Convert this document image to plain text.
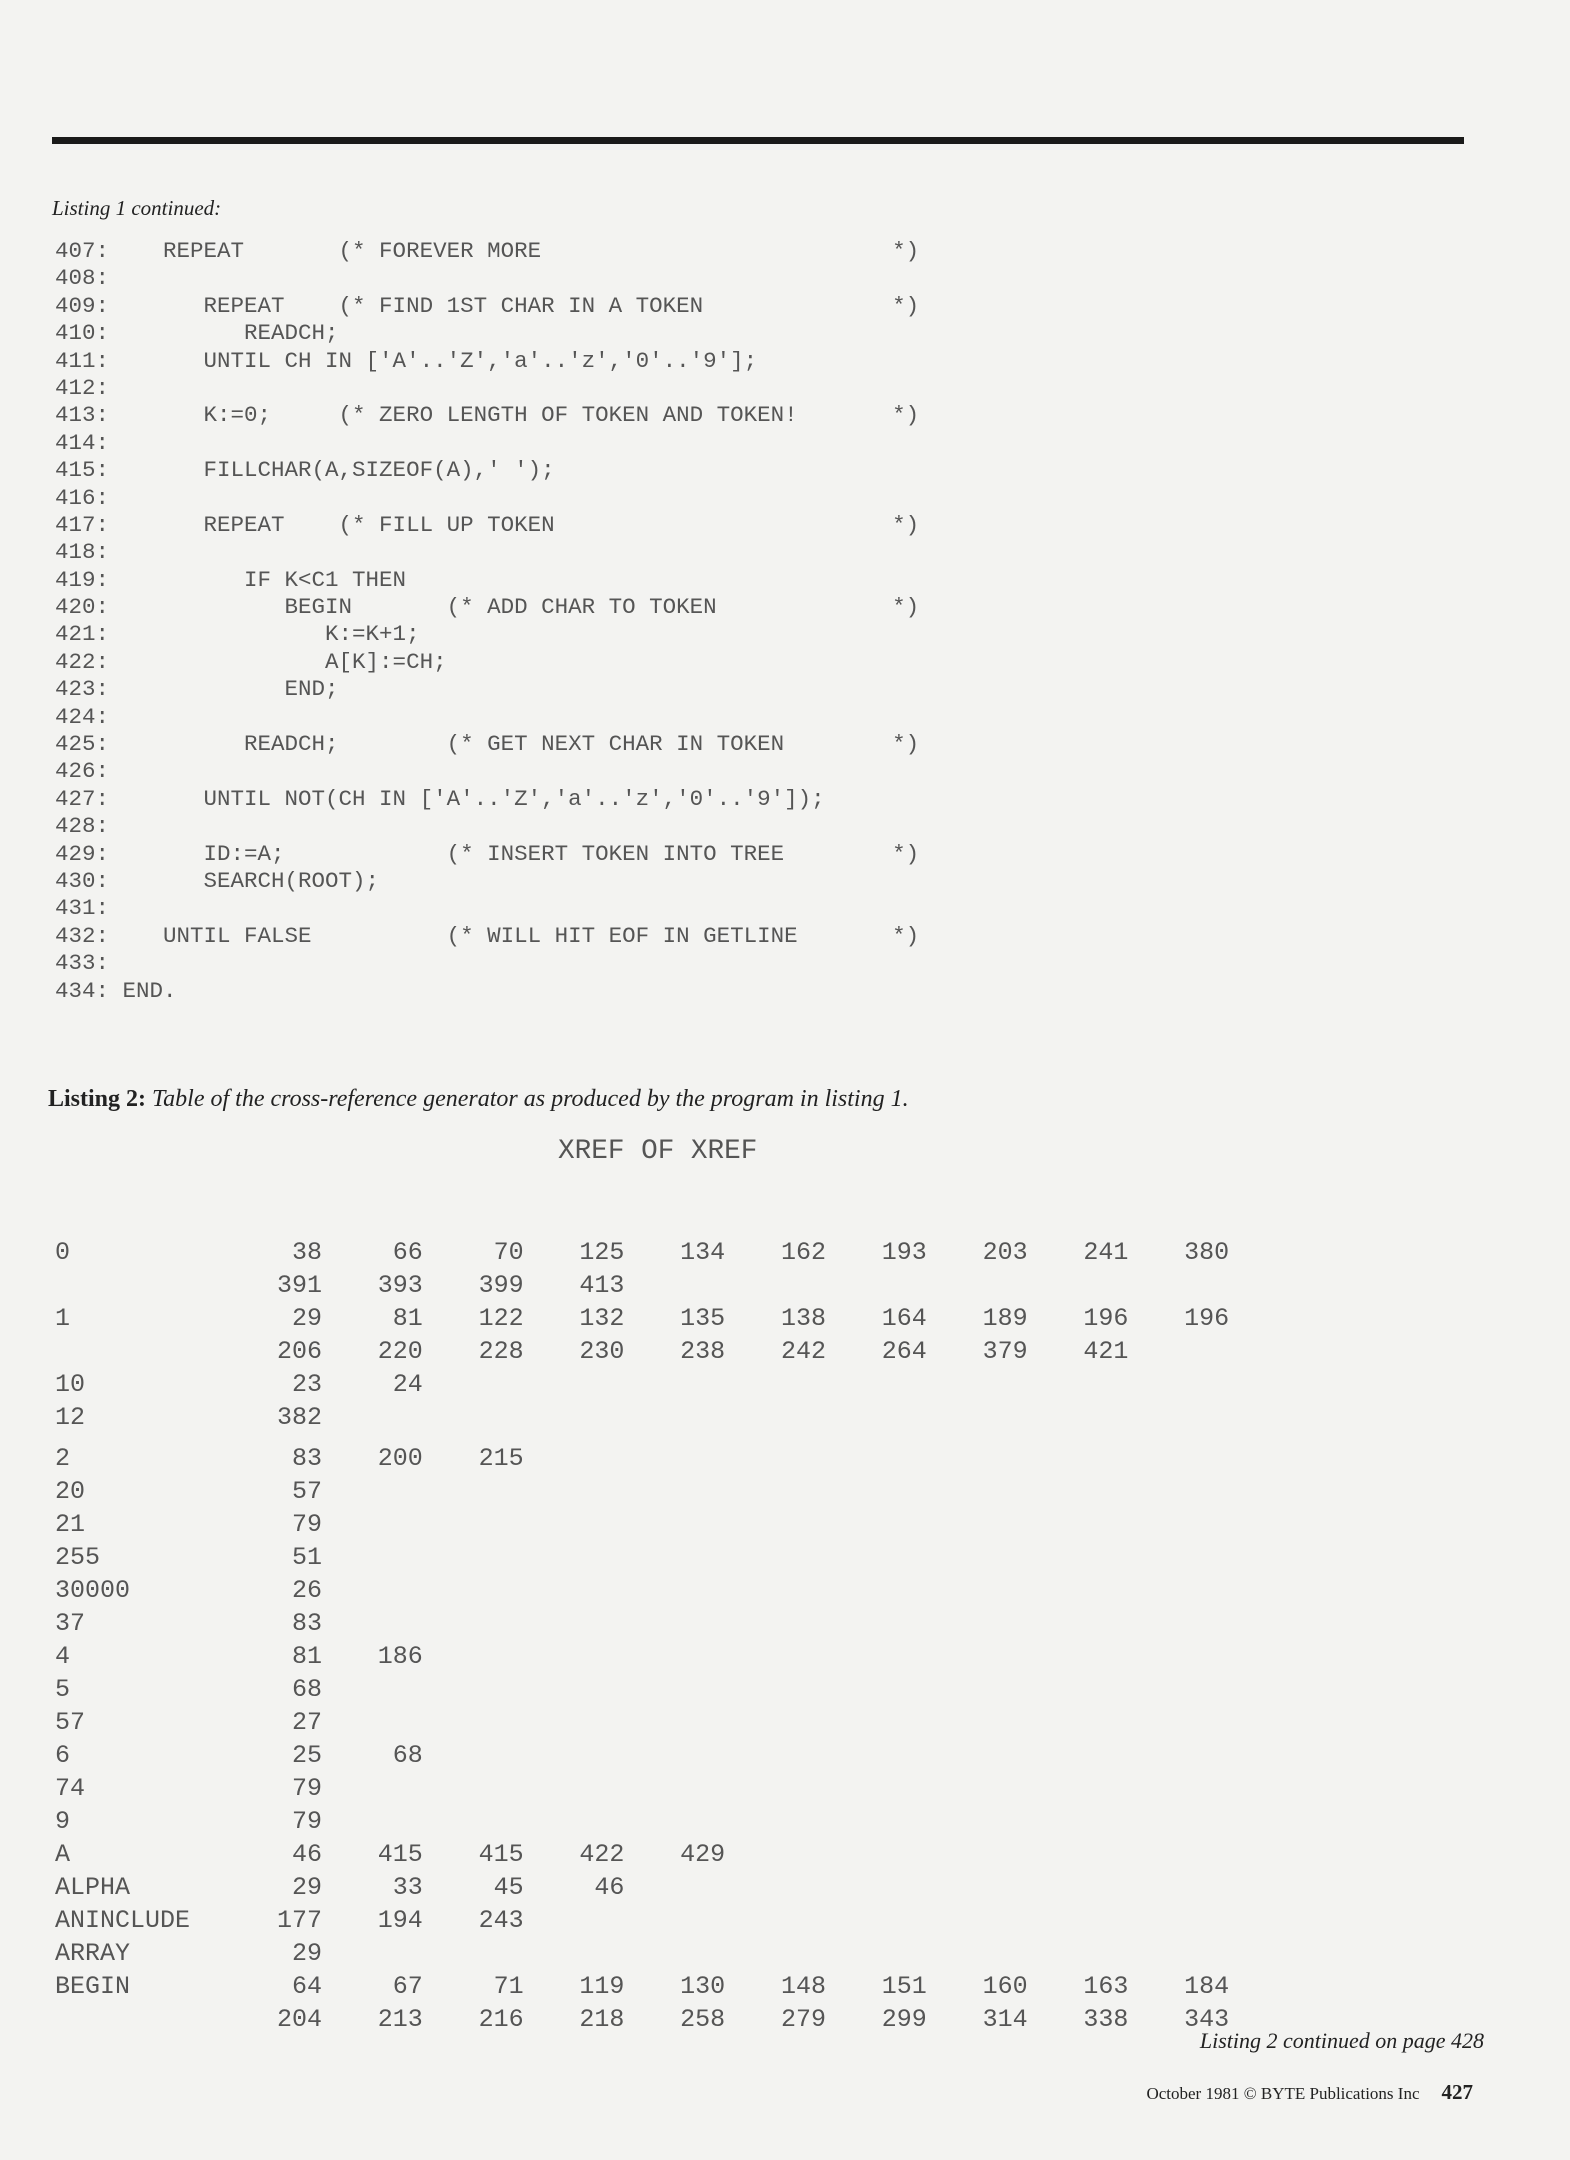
Listing 1 continued:
407:    REPEAT       (* FOREVER MORE                          *)
408:
409:       REPEAT    (* FIND 1ST CHAR IN A TOKEN              *)
410:          READCH;
411:       UNTIL CH IN ['A'..'Z','a'..'z','0'..'9'];
412:
413:       K:=0;     (* ZERO LENGTH OF TOKEN AND TOKEN!       *)
414:
415:       FILLCHAR(A,SIZEOF(A),' ');
416:
417:       REPEAT    (* FILL UP TOKEN                         *)
418:
419:          IF K<C1 THEN
420:             BEGIN       (* ADD CHAR TO TOKEN             *)
421:                K:=K+1;
422:                A[K]:=CH;
423:             END;
424:
425:          READCH;        (* GET NEXT CHAR IN TOKEN        *)
426:
427:       UNTIL NOT(CH IN ['A'..'Z','a'..'z','0'..'9']);
428:
429:       ID:=A;            (* INSERT TOKEN INTO TREE        *)
430:       SEARCH(ROOT);
431:
432:    UNTIL FALSE          (* WILL HIT EOF IN GETLINE       *)
433:
434: END.
Listing 2: Table of the cross-reference generator as produced by the program in listing 1.
XREF OF XREF
0	38	66	70	125	134	162	193	203	241	380
391	393	399	413
1	29	81	122	132	135	138	164	189	196	196
206	220	228	230	238	242	264	379	421
10	23	24
12	382
2	83	200	215
20	57
21	79
255	51
30000	26
37	83
4	81	186
5	68
57	27
6	25	68
74	79
9	79
A	46	415	415	422	429
ALPHA	29	33	45	46
ANINCLUDE	177	194	243
ARRAY	29
BEGIN	64	67	71	119	130	148	151	160	163	184
204	213	216	218	258	279	299	314	338	343
Listing 2 continued on page 428
October 1981 © BYTE Publications Inc 427
